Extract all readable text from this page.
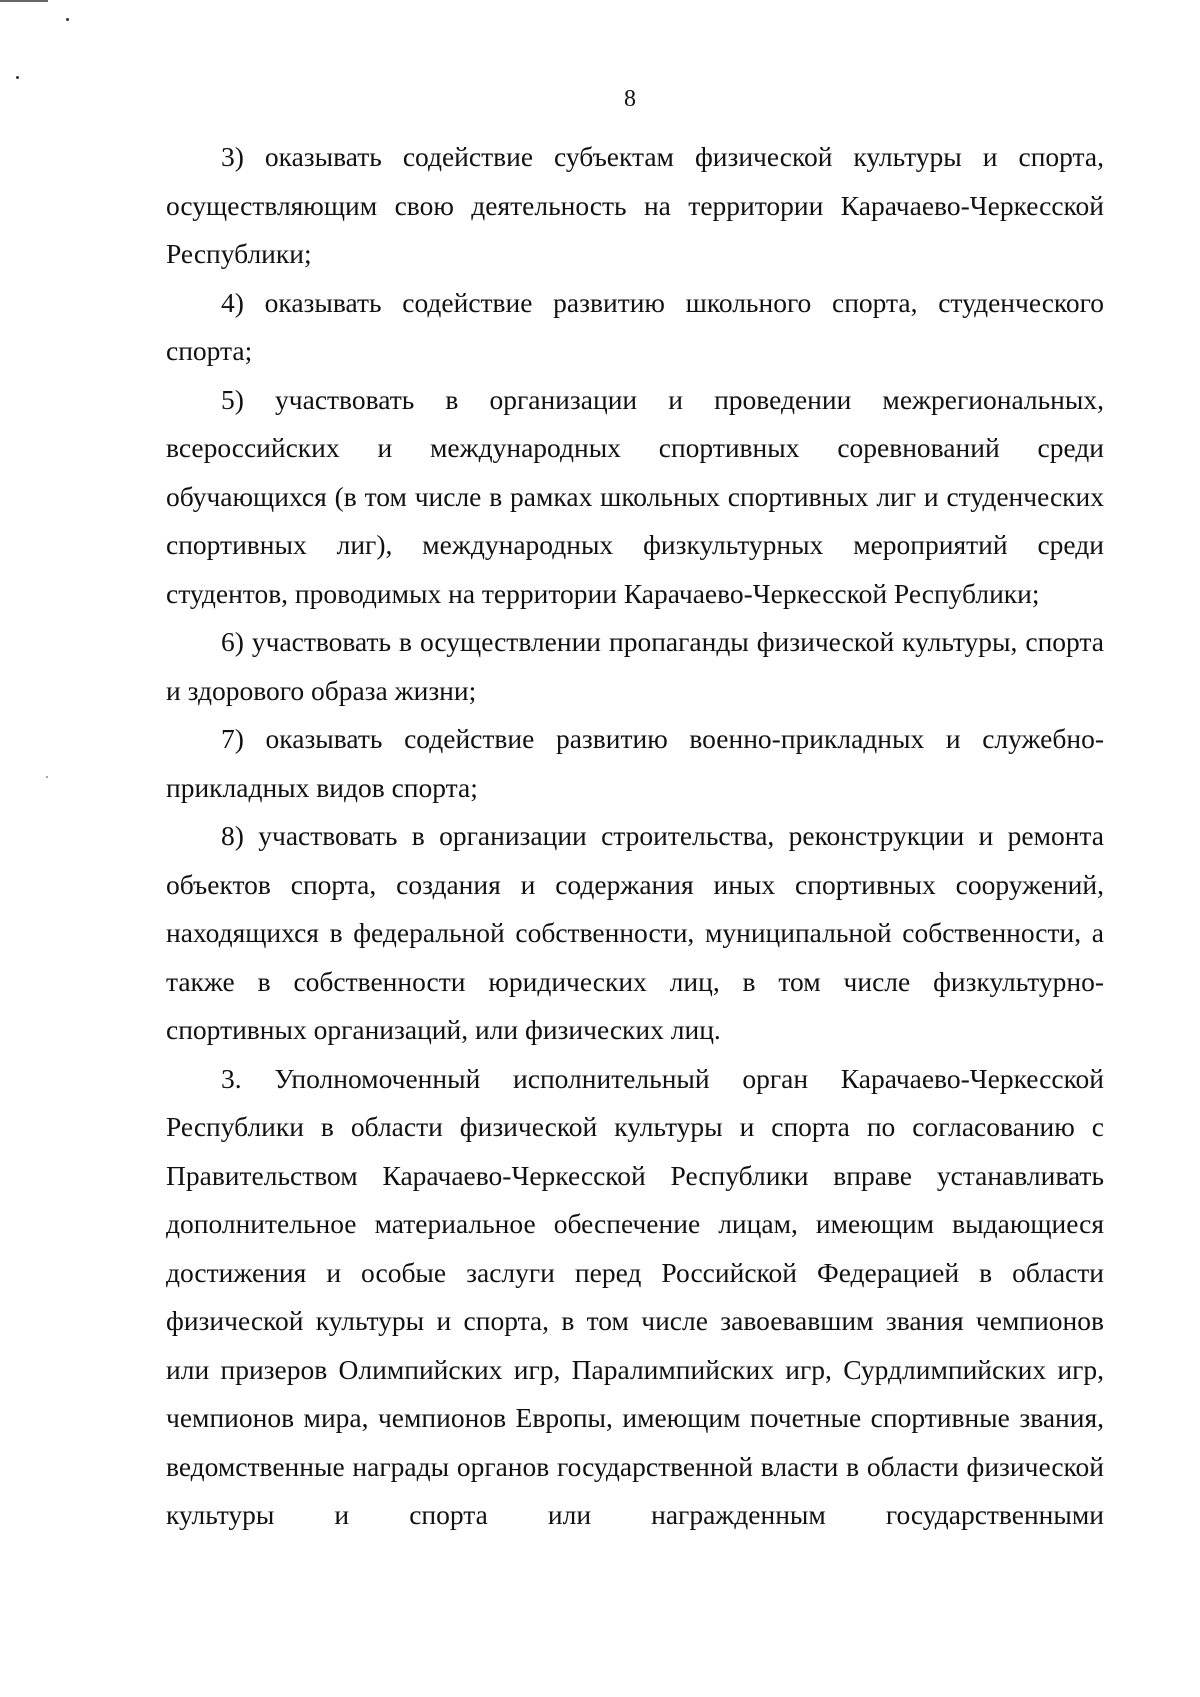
8

3) оказывать содействие субъектам физической культуры и спорта, осуществляющим свою деятельность на территории Карачаево-Черкесской Республики;

4) оказывать содействие развитию школьного спорта, студенческого спорта;

5) участвовать в организации и проведении межрегиональных, всероссийских и международных спортивных соревнований среди обучающихся (в том числе в рамках школьных спортивных лиг и студенческих спортивных лиг), международных физкультурных мероприятий среди студентов, проводимых на территории Карачаево-Черкесской Республики;

6) участвовать в осуществлении пропаганды физической культуры, спорта и здорового образа жизни;

7) оказывать содействие развитию военно-прикладных и служебно-прикладных видов спорта;

8) участвовать в организации строительства, реконструкции и ремонта объектов спорта, создания и содержания иных спортивных сооружений, находящихся в федеральной собственности, муниципальной собственности, а также в собственности юридических лиц, в том числе физкультурно-спортивных организаций, или физических лиц.

3. Уполномоченный исполнительный орган Карачаево-Черкесской Республики в области физической культуры и спорта по согласованию с Правительством Карачаево-Черкесской Республики вправе устанавливать дополнительное материальное обеспечение лицам, имеющим выдающиеся достижения и особые заслуги перед Российской Федерацией в области физической культуры и спорта, в том числе завоевавшим звания чемпионов или призеров Олимпийских игр, Паралимпийских игр, Сурдлимпийских игр, чемпионов мира, чемпионов Европы, имеющим почетные спортивные звания, ведомственные награды органов государственной власти в области физической культуры и спорта или награжденным государственными
